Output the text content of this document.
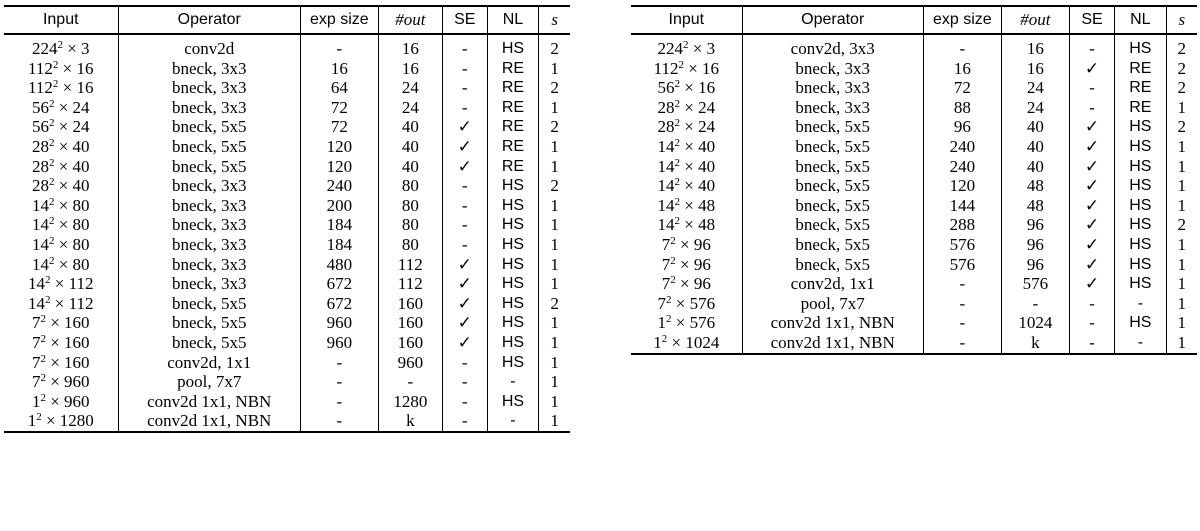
Input	Operator	exp size	#out	SE	NL	s
$224^2 \times 3$	conv2d	-	16	-	HS	2
$112^2 \times 16$	bneck, 3x3	16	16	-	RE	1
$112^2 \times 16$	bneck, 3x3	64	24	-	RE	2
$56^2 \times 24$	bneck, 3x3	72	24	-	RE	1
$56^2 \times 24$	bneck, 5x5	72	40	✓	RE	2
$28^2 \times 40$	bneck, 5x5	120	40	✓	RE	1
$28^2 \times 40$	bneck, 5x5	120	40	✓	RE	1
$28^2 \times 40$	bneck, 3x3	240	80	-	HS	2
$14^2 \times 80$	bneck, 3x3	200	80	-	HS	1
$14^2 \times 80$	bneck, 3x3	184	80	-	HS	1
$14^2 \times 80$	bneck, 3x3	184	80	-	HS	1
$14^2 \times 80$	bneck, 3x3	480	112	✓	HS	1
$14^2 \times 112$	bneck, 3x3	672	112	✓	HS	1
$14^2 \times 112$	bneck, 5x5	672	160	✓	HS	2
$7^2 \times 160$	bneck, 5x5	960	160	✓	HS	1
$7^2 \times 160$	bneck, 5x5	960	160	✓	HS	1
$7^2 \times 160$	conv2d, 1x1	-	960	-	HS	1
$7^2 \times 960$	pool, 7x7	-	-	-	-	1
$1^2 \times 960$	conv2d 1x1, NBN	-	1280	-	HS	1
$1^2 \times 1280$	conv2d 1x1, NBN	-	k	-	-	1
Input	Operator	exp size	#out	SE	NL	s
$224^2 \times 3$	conv2d, 3x3	-	16	-	HS	2
$112^2 \times 16$	bneck, 3x3	16	16	✓	RE	2
$56^2 \times 16$	bneck, 3x3	72	24	-	RE	2
$28^2 \times 24$	bneck, 3x3	88	24	-	RE	1
$28^2 \times 24$	bneck, 5x5	96	40	✓	HS	2
$14^2 \times 40$	bneck, 5x5	240	40	✓	HS	1
$14^2 \times 40$	bneck, 5x5	240	40	✓	HS	1
$14^2 \times 40$	bneck, 5x5	120	48	✓	HS	1
$14^2 \times 48$	bneck, 5x5	144	48	✓	HS	1
$14^2 \times 48$	bneck, 5x5	288	96	✓	HS	2
$7^2 \times 96$	bneck, 5x5	576	96	✓	HS	1
$7^2 \times 96$	bneck, 5x5	576	96	✓	HS	1
$7^2 \times 96$	conv2d, 1x1	-	576	✓	HS	1
$7^2 \times 576$	pool, 7x7	-	-	-	-	1
$1^2 \times 576$	conv2d 1x1, NBN	-	1024	-	HS	1
$1^2 \times 1024$	conv2d 1x1, NBN	-	k	-	-	1
